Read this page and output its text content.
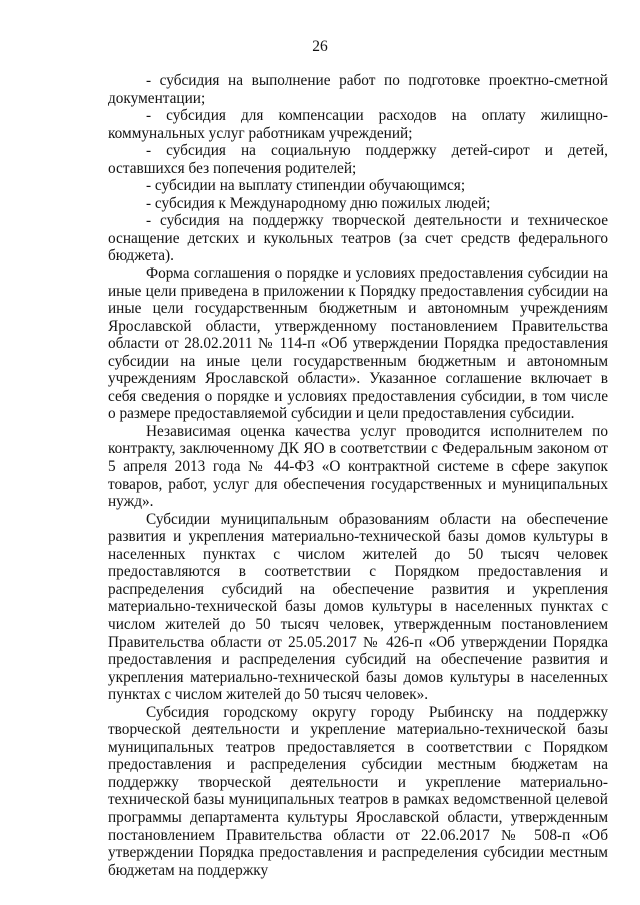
26

- субсидия на выполнение работ по подготовке проектно-сметной документации;

- субсидия для компенсации расходов на оплату жилищно-коммунальных услуг работникам учреждений;

- субсидия на социальную поддержку детей-сирот и детей, оставшихся без попечения родителей;

- субсидии на выплату стипендии обучающимся;

- субсидия к Международному дню пожилых людей;

- субсидия на поддержку творческой деятельности и техническое оснащение детских и кукольных театров (за счет средств федерального бюджета).

Форма соглашения о порядке и условиях предоставления субсидии на иные цели приведена в приложении к Порядку предоставления субсидии на иные цели государственным бюджетным и автономным учреждениям Ярославской области, утвержденному постановлением Правительства области от 28.02.2011 № 114-п «Об утверждении Порядка предоставления субсидии на иные цели государственным бюджетным и автономным учреждениям Ярославской области». Указанное соглашение включает в себя сведения о порядке и условиях предоставления субсидии, в том числе о размере предоставляемой субсидии и цели предоставления субсидии.

Независимая оценка качества услуг проводится исполнителем по контракту, заключенному ДК ЯО в соответствии с Федеральным законом от 5 апреля 2013 года № 44-ФЗ «О контрактной системе в сфере закупок товаров, работ, услуг для обеспечения государственных и муниципальных нужд».

Субсидии муниципальным образованиям области на обеспечение развития и укрепления материально-технической базы домов культуры в населенных пунктах с числом жителей до 50 тысяч человек предоставляются в соответствии с Порядком предоставления и распределения субсидий на обеспечение развития и укрепления материально-технической базы домов культуры в населенных пунктах с числом жителей до 50 тысяч человек, утвержденным постановлением Правительства области от 25.05.2017 № 426-п «Об утверждении Порядка предоставления и распределения субсидий на обеспечение развития и укрепления материально-технической базы домов культуры в населенных пунктах с числом жителей до 50 тысяч человек».

Субсидия городскому округу городу Рыбинску на поддержку творческой деятельности и укрепление материально-технической базы муниципальных театров предоставляется в соответствии с Порядком предоставления и распределения субсидии местным бюджетам на поддержку творческой деятельности и укрепление материально-технической базы муниципальных театров в рамках ведомственной целевой программы департамента культуры Ярославской области, утвержденным постановлением Правительства области от 22.06.2017 № 508-п «Об утверждении Порядка предоставления и распределения субсидии местным бюджетам на поддержку
